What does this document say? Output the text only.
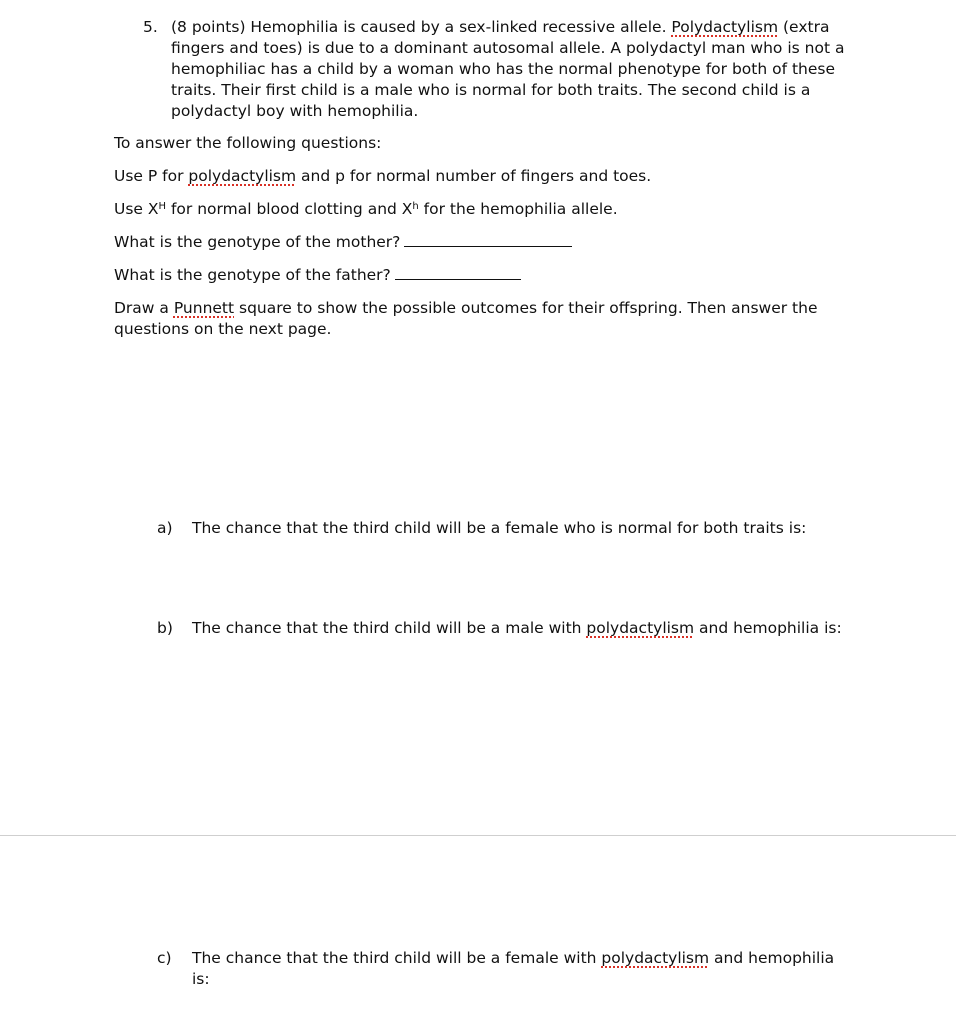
5. (8 points) Hemophilia is caused by a sex-linked recessive allele. Polydactylism (extra fingers and toes) is due to a dominant autosomal allele. A polydactyl man who is not a hemophiliac has a child by a woman who has the normal phenotype for both of these traits. Their first child is a male who is normal for both traits. The second child is a polydactyl boy with hemophilia.
To answer the following questions:
Use P for polydactylism and p for normal number of fingers and toes.
Use $X^H$ for normal blood clotting and $X^h$ for the hemophilia allele.
What is the genotype of the mother?
What is the genotype of the father?
Draw a Punnett square to show the possible outcomes for their offspring. Then answer the
questions on the next page.
a) The chance that the third child will be a female who is normal for both traits is:
b) The chance that the third child will be a male with polydactylism and hemophilia is:
c) The chance that the third child will be a female with polydactylism and hemophilia is:
